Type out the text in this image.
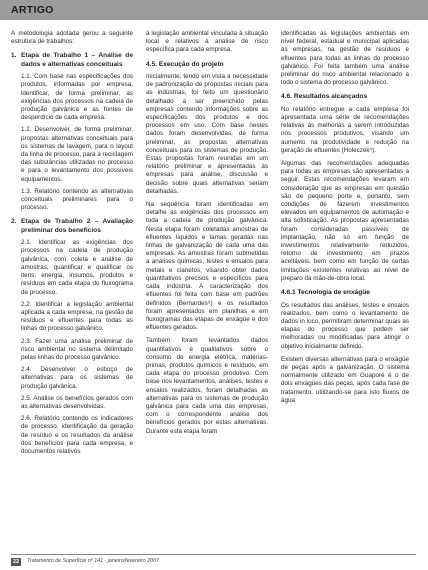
ARTIGO

A metodologia adotada gerou a seguinte estrutura de trabalhos:

1. Etapa de Trabalho 1 – Análise de dados e alternativas conceituais

1.1. Com base nas especificações dos produtos, informadas por empresa, identificar, de forma preliminar, as exigências dos processos na cadeia de produção galvânica e as fontes de desperdício de cada empresa.

1.2. Desenvolver, de forma preliminar, propostas alternativas conceituais para os sistemas de lavagem, para o layout da linha de processo, para a reciclagem das substâncias utilizadas no processo e para o levantamento dos possíveis equipamentos.

1.3. Relatório contendo as alternativas conceituais preliminares para o processo.

2. Etapa de Trabalho 2 – Avaliação preliminar dos benefícios

2.1. Identificar as exigências dos processos na cadeia de produção galvânica, com coleta e análise de amostras, quantificar e qualificar os itens: energia, insumos, produtos e resíduos em cada etapa do fluxograma de processo.

2.2. Identificar a legislação ambiental aplicada a cada empresa, na gestão de resíduos e efluentes para todas as linhas do processo galvânico.

2.3. Fazer uma análise preliminar de risco ambiental no sistema delimitado pelas linhas do processo galvânico.

2.4. Desenvolver o esboço de alternativas para os sistemas de produção galvânica.

2.5. Análise os benefícios gerados com as alternativas desenvolvidas.

2.6. Relatório contendo os indicadores de processo, identificação da geração de resíduo e os resultados da análise dos benefícios para cada empresa, e documentos relativos

à legislação ambiental vinculada à situação local e relativos à análise de risco específica para cada empresa.

4.5. Execução do projeto

Inicialmente, tendo em vista a necessidade de padronização de propostas iniciais para as indústrias, foi feito um questionário detalhado a ser preenchido pelas empresas contendo informações sobre as especificações dos produtos e dos processos em uso. Com base nestes dados foram desenvolvidas, de forma preliminar, as propostas alternativas conceituais para os sistemas de produção. Estas propostas foram reunidas em um relatório preliminar e apresentadas às empresas para análise, discussão e decisão sobre quais alternativas seriam detalhadas.

Na sequência foram identificadas em detalhe as exigências dos processos em toda a cadeia de produção galvânica. Nesta etapa foram coletadas amostras de efluentes líquidos e lamas geradas nas linhas de galvanização de cada uma das empresas. As amostras foram submetidas a análises químicas, testes e ensaios para metais e cianetos, visando obter dados quantitativos precisos e específicos para cada indústria. A caracterização dos efluentes foi feita com base em padrões definidos (Bernardes⁹) e os resultados foram apresentados em planilhas e em fluxogramas das etapas de enxágüe e dos efluentes gerados.

Também foram levantados dados quantitativos e qualitativos sobre o consumo de energia elétrica, matérias-primas, produtos químicos e resíduos, em cada etapa do processo produtivo. Com base nos levantamentos, análises, testes e ensaios realizados, foram detalhadas as alternativas para os sistemas de produção galvânica para cada uma das empresas, com o correspondente análise dos benefícios gerados por estas alternativas. Durante esta etapa foram

identificadas as legislações ambientais em nível federal, estadual e municipal aplicadas às empresas, na gestão de resíduos e efluentes para todas as linhas do processo galvânico. Foi feita também uma análise preliminar do risco ambiental relacionado a todo o sistema do processo galvânico.

4.6. Resultados alcançados

No relatório entregue a cada empresa foi apresentada uma série de recomendações relativas às melhorias a serem introduzidas nos processos produtivos, visando um aumento na produtividade e redução na geração de efluentes (Holeczek⁵).

Algumas das recomendações adequadas para todas as empresas são apresentadas a seguir. Estas recomendações levaram em consideração que as empresas em questão são de pequeno porte e, portanto, sem condições de fazerem investimentos elevados em equipamentos de automação e alta sofisticação. As propostas apresentadas foram consideradas passíveis de implantação, não só em função de investimentos relativamente reduzidos, retorno de investimento em prazos aceitáveis, bem como em função de certas limitações existentes relativas ao nível de preparo da mão-de-obra local.

4.6.1 Tecnologia de enxágüe

Os resultados das análises, testes e ensaios realizados, bem como o levantamento de dados in loco, permitiram determinar quais as etapas do processo que podem ser melhoradas ou modificadas para atingir o objetivo inicialmente definido.

Existem diversas alternativas para o enxágüe de peças após a galvanização. O sistema normalmente utilizado em Guaporé é o de dois enxágües das peças, após cada fase de tratamento, utilizando-se para isto fluxos de água

22	Tratamento de Superfície nº 141 · janeiro/fevereiro 2007
